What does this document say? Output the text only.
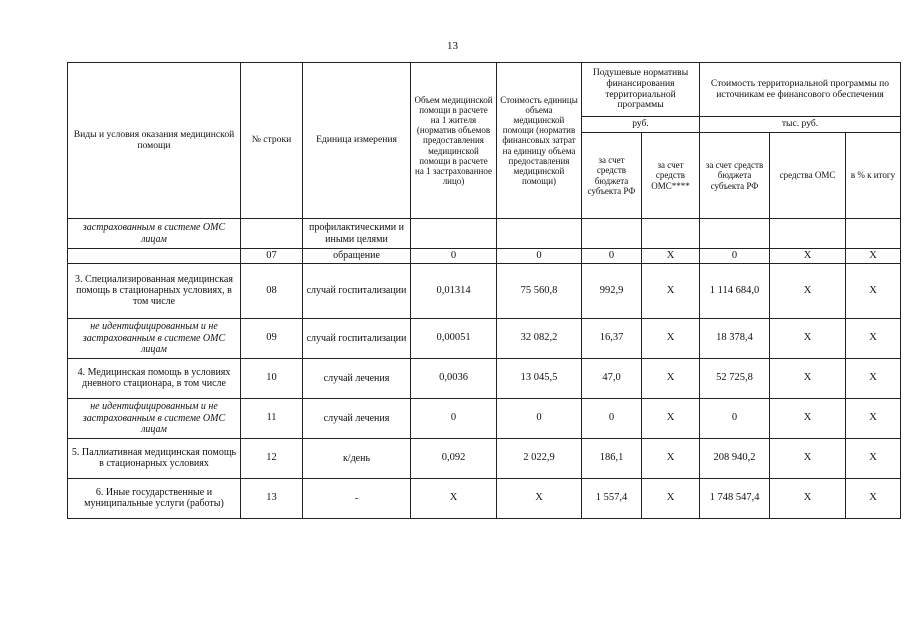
13
Виды и условия оказания медицинской помощи	№ строки	Единица измерения	Объем медицинской помощи в расчете на 1 жителя (норматив объемов предоставления медицинской помощи в расчете на 1 застрахованное лицо)	Стоимость единицы объема медицинской помощи (норматив финансовых затрат на единицу объема предоставления медицинской помощи)	Подушевые нормативы финансирования территориальной программы		Стоимость территориальной программы по источникам ее финансового обеспечения		
					руб.		тыс. руб.		
					за счет средств бюджета субъекта РФ	за счет средств ОМС****	за счет средств бюджета субъекта РФ	средства ОМС	в % к итогу
застрахованным в системе ОМС лицам		профилактическими и иными целями							
	07	обращение	0	0	0	Х	0	Х	Х
3. Специализированная медицинская помощь в стационарных условиях, в том числе	08	случай госпитализации	0,01314	75 560,8	992,9	Х	1 114 684,0	Х	Х
не идентифицированным и не застрахованным в системе ОМС лицам	09	случай госпитализации	0,00051	32 082,2	16,37	Х	18 378,4	Х	Х
4. Медицинская помощь в условиях дневного стационара, в том числе	10	случай лечения	0,0036	13 045,5	47,0	Х	52 725,8	Х	Х
не идентифицированным и не застрахованным в системе ОМС лицам	11	случай лечения	0	0	0	Х	0	Х	Х
5. Паллиативная медицинская помощь в стационарных условиях	12	к/день	0,092	2 022,9	186,1	Х	208 940,2	Х	Х
6. Иные государственные и муниципальные услуги (работы)	13	-	Х	Х	1 557,4	Х	1 748 547,4	Х	Х
